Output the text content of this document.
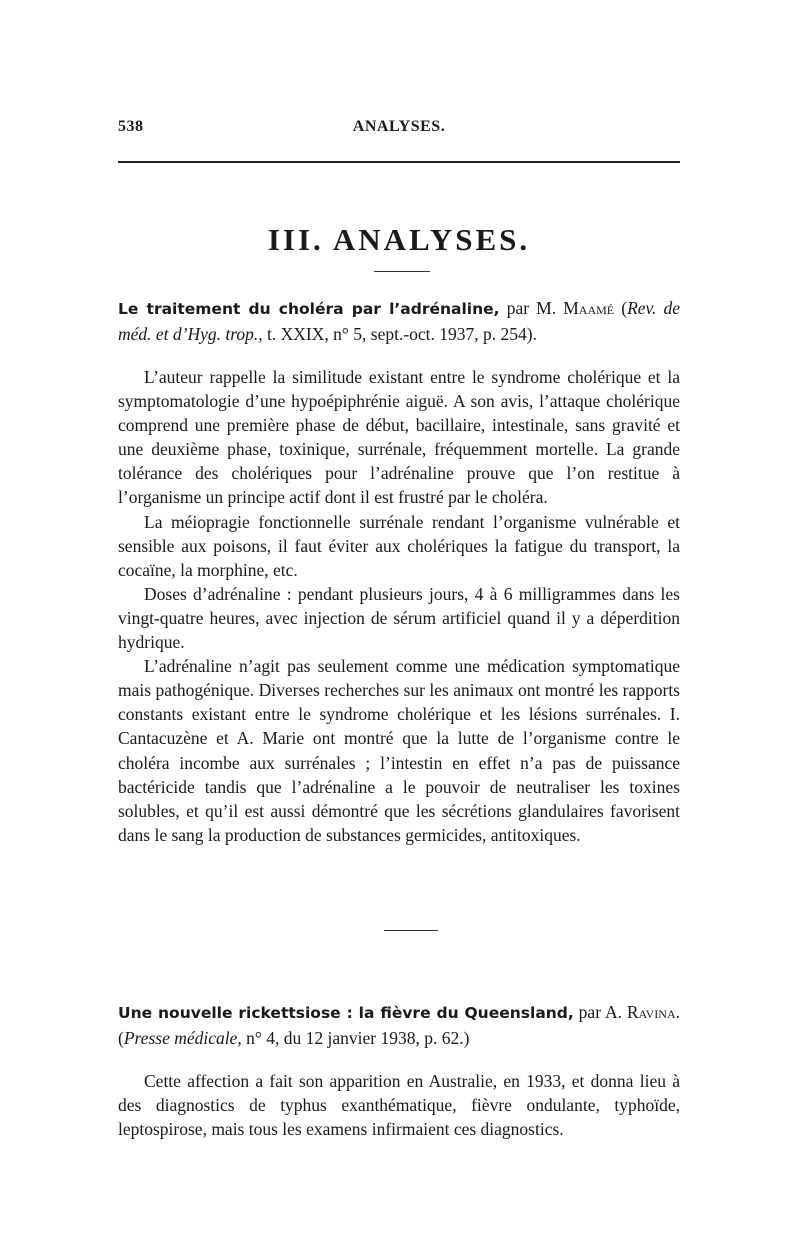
538	ANALYSES.
III. ANALYSES.

Le traitement du choléra par l’adrénaline, par M. Maamé (Rev. de méd. et d’Hyg. trop., t. XXIX, n° 5, sept.-oct. 1937, p. 254).

L’auteur rappelle la similitude existant entre le syndrome cholérique et la symptomatologie d’une hypoépiphrénie aiguë. A son avis, l’attaque cholérique comprend une première phase de début, bacillaire, intestinale, sans gravité et une deuxième phase, toxinique, surrénale, fréquemment mortelle. La grande tolérance des cholériques pour l’adrénaline prouve que l’on restitue à l’organisme un principe actif dont il est frustré par le choléra.

La méiopragie fonctionnelle surrénale rendant l’organisme vulnérable et sensible aux poisons, il faut éviter aux cholériques la fatigue du transport, la cocaïne, la morphine, etc.

Doses d’adrénaline : pendant plusieurs jours, 4 à 6 milligrammes dans les vingt-quatre heures, avec injection de sérum artificiel quand il y a déperdition hydrique.

L’adrénaline n’agit pas seulement comme une médication symptomatique mais pathogénique. Diverses recherches sur les animaux ont montré les rapports constants existant entre le syndrome cholérique et les lésions surrénales. I. Cantacuzène et A. Marie ont montré que la lutte de l’organisme contre le choléra incombe aux surrénales ; l’intestin en effet n’a pas de puissance bactéricide tandis que l’adrénaline a le pouvoir de neutraliser les toxines solubles, et qu’il est aussi démontré que les sécrétions glandulaires favorisent dans le sang la production de substances germicides, antitoxiques.

Une nouvelle rickettsiose : la fièvre du Queensland, par A. Ravina. (Presse médicale, n° 4, du 12 janvier 1938, p. 62.)

Cette affection a fait son apparition en Australie, en 1933, et donna lieu à des diagnostics de typhus exanthématique, fièvre ondulante, typhoïde, leptospirose, mais tous les examens infirmaient ces diagnostics.
